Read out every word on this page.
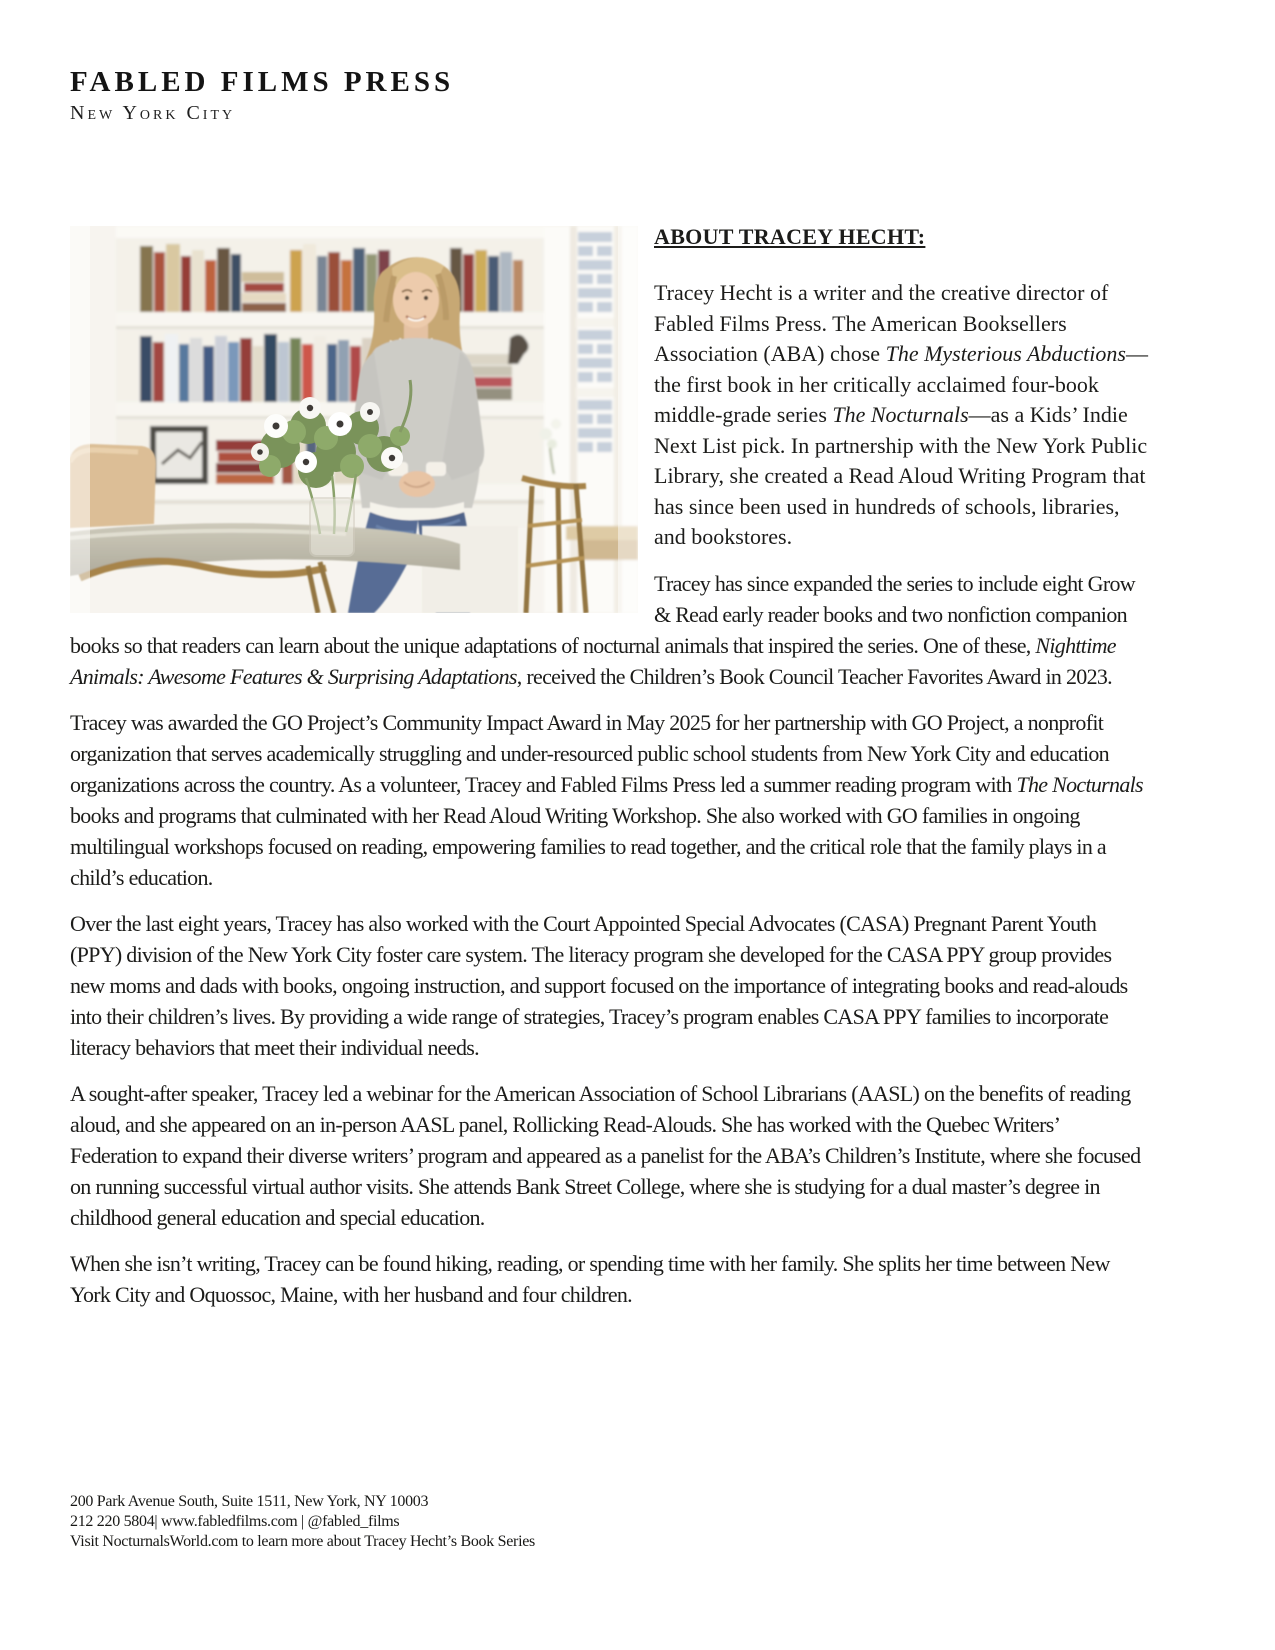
FABLED FILMS PRESS
New York City
ABOUT TRACEY HECHT:

Tracey Hecht is a writer and the creative director of Fabled Films Press. The American Booksellers Association (ABA) chose The Mysterious Abductions—the first book in her critically acclaimed four-book middle-grade series The Nocturnals—as a Kids’ Indie Next List pick. In partnership with the New York Public Library, she created a Read Aloud Writing Program that has since been used in hundreds of schools, libraries, and bookstores.

Tracey has since expanded the series to include eight Grow & Read early reader books and two nonfiction companion books so that readers can learn about the unique adaptations of nocturnal animals that inspired the series. One of these, Nighttime Animals: Awesome Features & Surprising Adaptations, received the Children’s Book Council Teacher Favorites Award in 2023.

Tracey was awarded the GO Project’s Community Impact Award in May 2025 for her partnership with GO Project, a nonprofit organization that serves academically struggling and under-resourced public school students from New York City and education organizations across the country. As a volunteer, Tracey and Fabled Films Press led a summer reading program with The Nocturnals books and programs that culminated with her Read Aloud Writing Workshop. She also worked with GO families in ongoing multilingual workshops focused on reading, empowering families to read together, and the critical role that the family plays in a child’s education.

Over the last eight years, Tracey has also worked with the Court Appointed Special Advocates (CASA) Pregnant Parent Youth (PPY) division of the New York City foster care system. The literacy program she developed for the CASA PPY group provides new moms and dads with books, ongoing instruction, and support focused on the importance of integrating books and read-alouds into their children’s lives. By providing a wide range of strategies, Tracey’s program enables CASA PPY families to incorporate literacy behaviors that meet their individual needs.

A sought-after speaker, Tracey led a webinar for the American Association of School Librarians (AASL) on the benefits of reading aloud, and she appeared on an in-person AASL panel, Rollicking Read-Alouds. She has worked with the Quebec Writers’ Federation to expand their diverse writers’ program and appeared as a panelist for the ABA’s Children’s Institute, where she focused on running successful virtual author visits. She attends Bank Street College, where she is studying for a dual master’s degree in childhood general education and special education.

When she isn’t writing, Tracey can be found hiking, reading, or spending time with her family. She splits her time between New York City and Oquossoc, Maine, with her husband and four children.

200 Park Avenue South, Suite 1511, New York, NY 10003
212 220 5804| www.fabledfilms.com | @fabled_films
Visit NocturnalsWorld.com to learn more about Tracey Hecht’s Book Series
